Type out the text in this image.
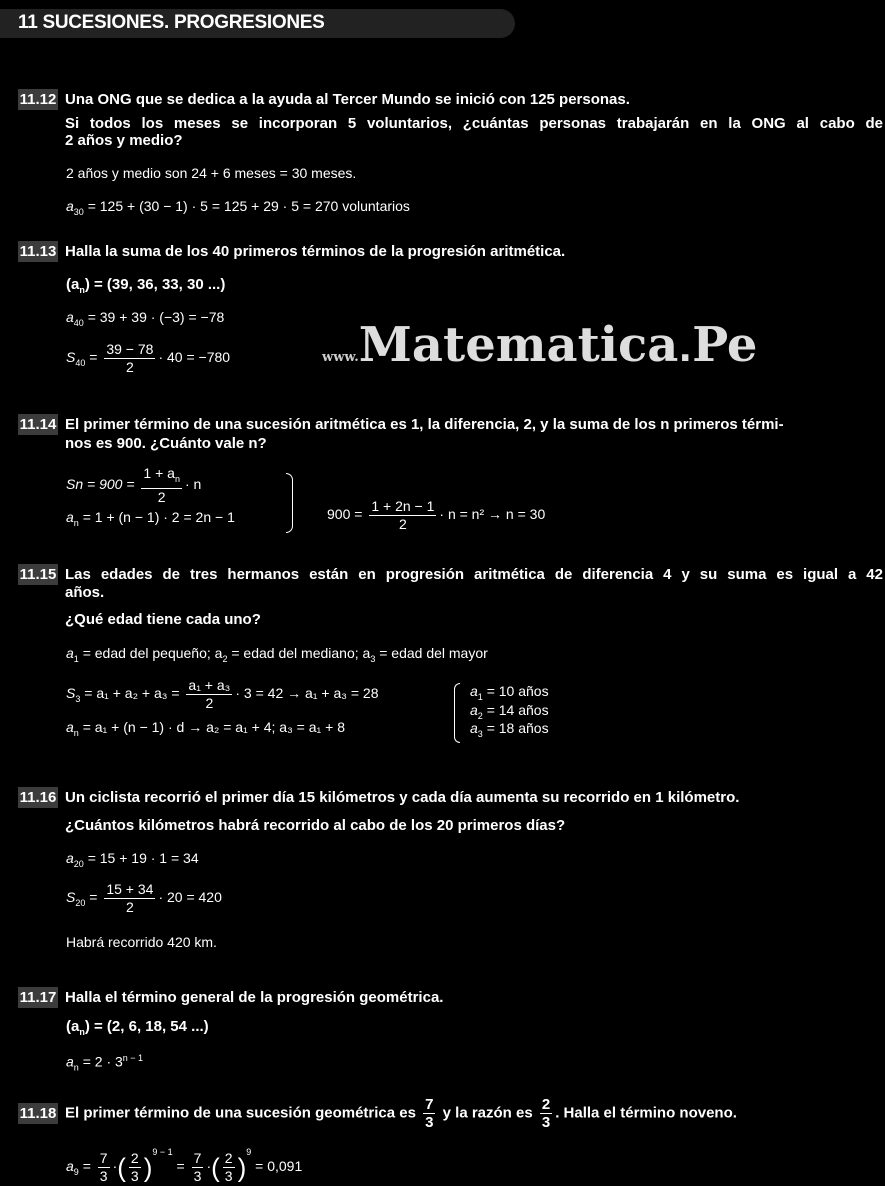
11 SUCESIONES. PROGRESIONES
www.Matematica.Pe
11.12 Una ONG que se dedica a la ayuda al Tercer Mundo se inició con 125 personas.
Si todos los meses se incorporan 5 voluntarios, ¿cuántas personas trabajarán en la ONG al cabo de
2 años y medio?
2 años y medio son 24 + 6 meses = 30 meses.
$a_{30} = 125 + (30 - 1) \cdot 5 = 125 + 29 \cdot 5 = 270$ voluntarios
11.13 Halla la suma de los 40 primeros términos de la progresión aritmética.
$(a_n) = (39$, 36, 33, 30 ...)
$a_{40} = 39 + 39 \cdot (-3) = -78$
$S_{40} = \frac{39 - 78}{2} \cdot 40 = -780$
11.14 El primer término de una sucesión aritmética es 1, la diferencia, 2, y la suma de los n primeros térmi-
nos es 900. ¿Cuánto vale n?
$Sn = 900 = \frac{1 + a_n}{2} \cdot n$
$a_n = 1 + (n - 1) \cdot 2 = 2n - 1$	$900 = \frac{1 + 2n - 1}{2} \cdot n = n^2 \to n = 30$
11.15 Las edades de tres hermanos están en progresión aritmética de diferencia 4 y su suma es igual a 42
años.
¿Qué edad tiene cada uno?
$a_1$ = edad del pequeño; $a_2$ = edad del mediano; $a_3$ = edad del mayor
$S_3 = a_1 + a_2 + a_3 = \frac{\text{a₁ + a₃}}{2} \cdot 3 = 42 \to a_1 + a_3 = 28$
$a_n = a_1 + (n - 1) \cdot d \to a_2 = a_1 + 4$; a₃ = a₁ + 8
$a_1 = 10$ años
$a_2 = 14$ años
$a_3 = 18$ años
11.16 Un ciclista recorrió el primer día 15 kilómetros y cada día aumenta su recorrido en 1 kilómetro.
¿Cuántos kilómetros habrá recorrido al cabo de los 20 primeros días?
$a_{20} = 15 + 19 \cdot 1 = 34$
$S_{20} = \frac{15 + 34}{2} \cdot 20 = 420$
Habrá recorrido 420 km.
11.17 Halla el término general de la progresión geométrica.
$(a_n) = (2$, 6, 18, 54 ...)
$a_n = 2 \cdot 3^{n - 1}$
11.18 El primer término de una sucesión geométrica es $\frac{7}{3}$ y la razón es $\frac{2}{3}$ . Halla el término noveno.
$a_9 = \frac{7}{3}$ ·( $\frac{2}{3} )^{9 - 1} = \frac{7}{3}$ ·( $\frac{2}{3} )^9 = 0,091$
